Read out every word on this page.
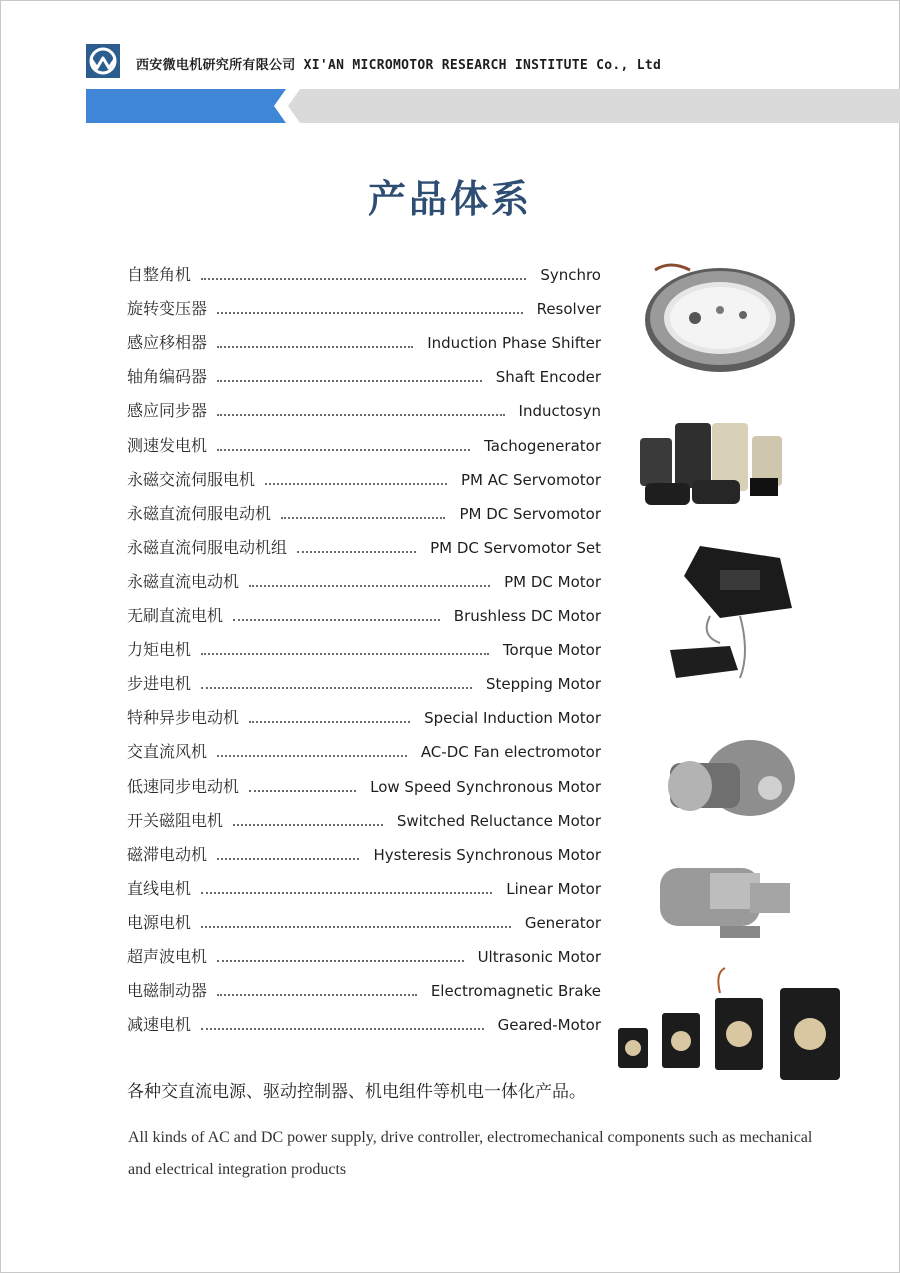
西安微电机研究所有限公司 XI'AN MICROMOTOR RESEARCH INSTITUTE Co., Ltd
产品体系
自整角机	Synchro
旋转变压器	Resolver
感应移相器	Induction Phase Shifter
轴角编码器	Shaft Encoder
感应同步器	Inductosyn
测速发电机	Tachogenerator
永磁交流伺服电机	PM AC Servomotor
永磁直流伺服电动机	PM DC Servomotor
永磁直流伺服电动机组	PM DC Servomotor Set
永磁直流电动机	PM DC Motor
无刷直流电机	Brushless DC Motor
力矩电机	Torque Motor
步进电机	Stepping Motor
特种异步电动机	Special Induction Motor
交直流风机	AC-DC Fan electromotor
低速同步电动机	Low Speed Synchronous Motor
开关磁阻电机	Switched Reluctance Motor
磁滞电动机	Hysteresis Synchronous Motor
直线电机	Linear Motor
电源电机	Generator
超声波电机	Ultrasonic Motor
电磁制动器	Electromagnetic Brake
减速电机	Geared-Motor
各种交直流电源、驱动控制器、机电组件等机电一体化产品。
All kinds of AC and DC power supply, drive controller, electromechanical components such as mechanical and electrical integration products
